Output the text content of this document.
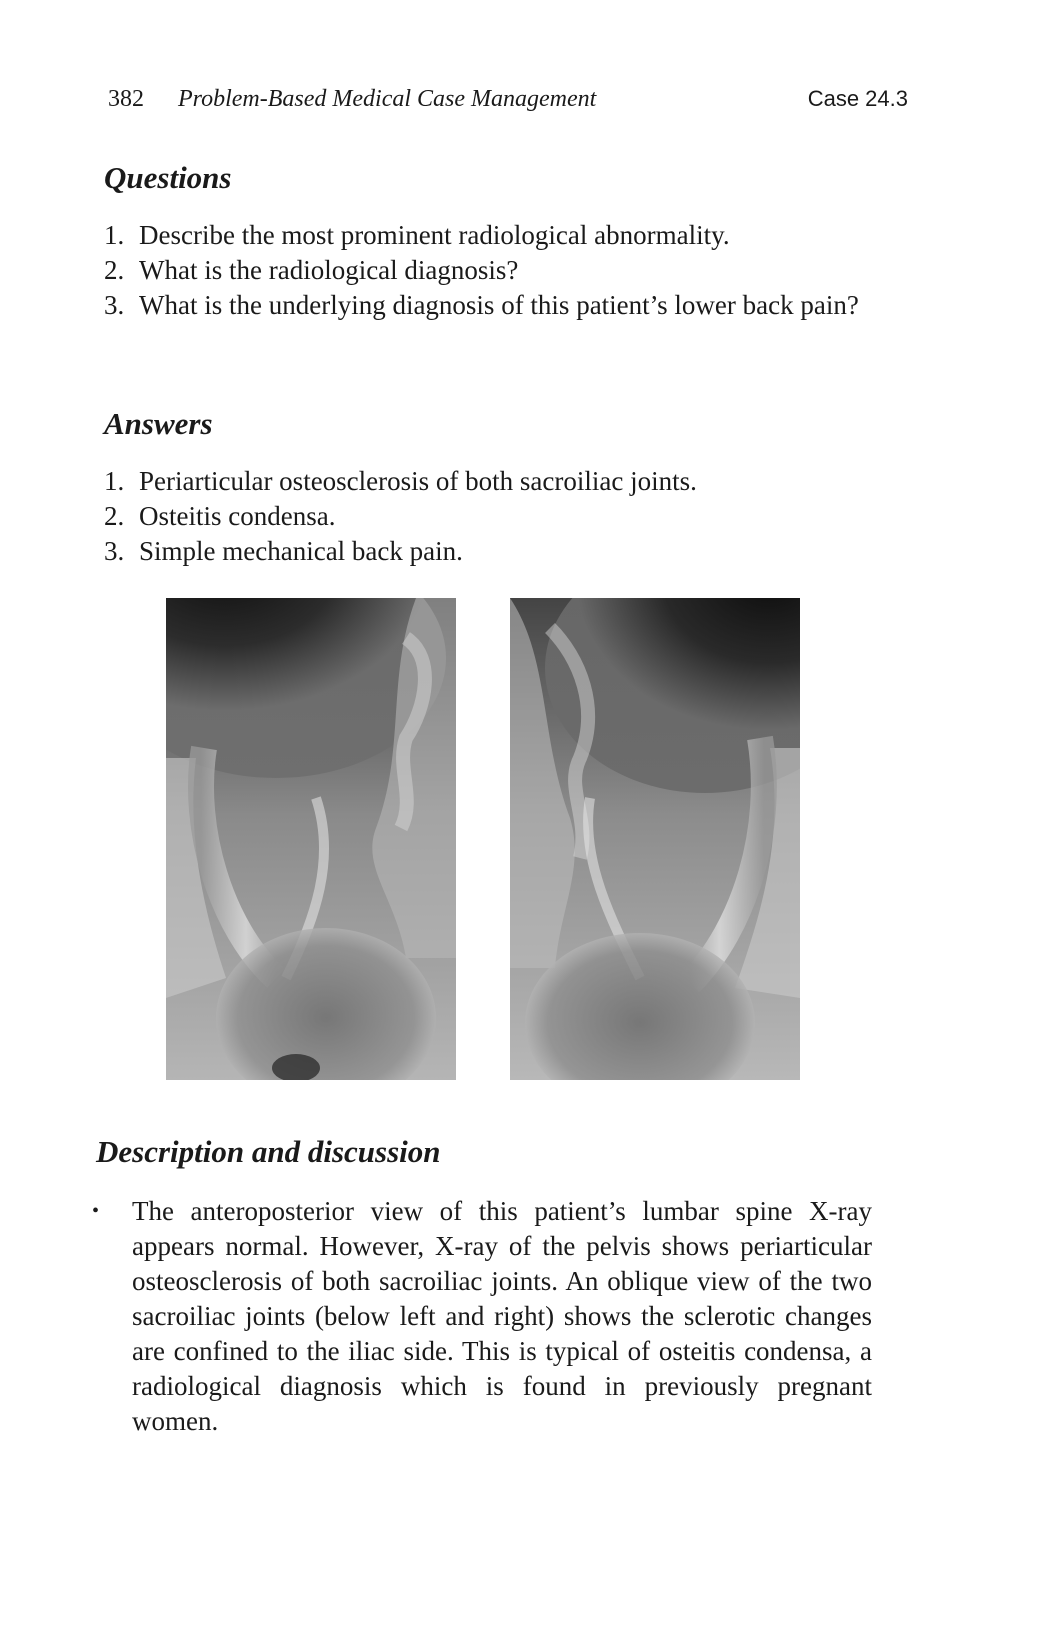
382 Problem-Based Medical Case Management	Case 24.3
Questions
1. Describe the most prominent radiological abnormality.
2. What is the radiological diagnosis?
3. What is the underlying diagnosis of this patient’s lower back pain?
Answers
1. Periarticular osteosclerosis of both sacroiliac joints.
2. Osteitis condensa.
3. Simple mechanical back pain.
Description and discussion
• The anteroposterior view of this patient’s lumbar spine X-ray appears normal. However, X-ray of the pelvis shows periarticular osteosclerosis of both sacroiliac joints. An oblique view of the two sacroiliac joints (below left and right) shows the sclerotic changes are confined to the iliac side. This is typical of osteitis condensa, a radiological diagnosis which is found in previously pregnant women.
